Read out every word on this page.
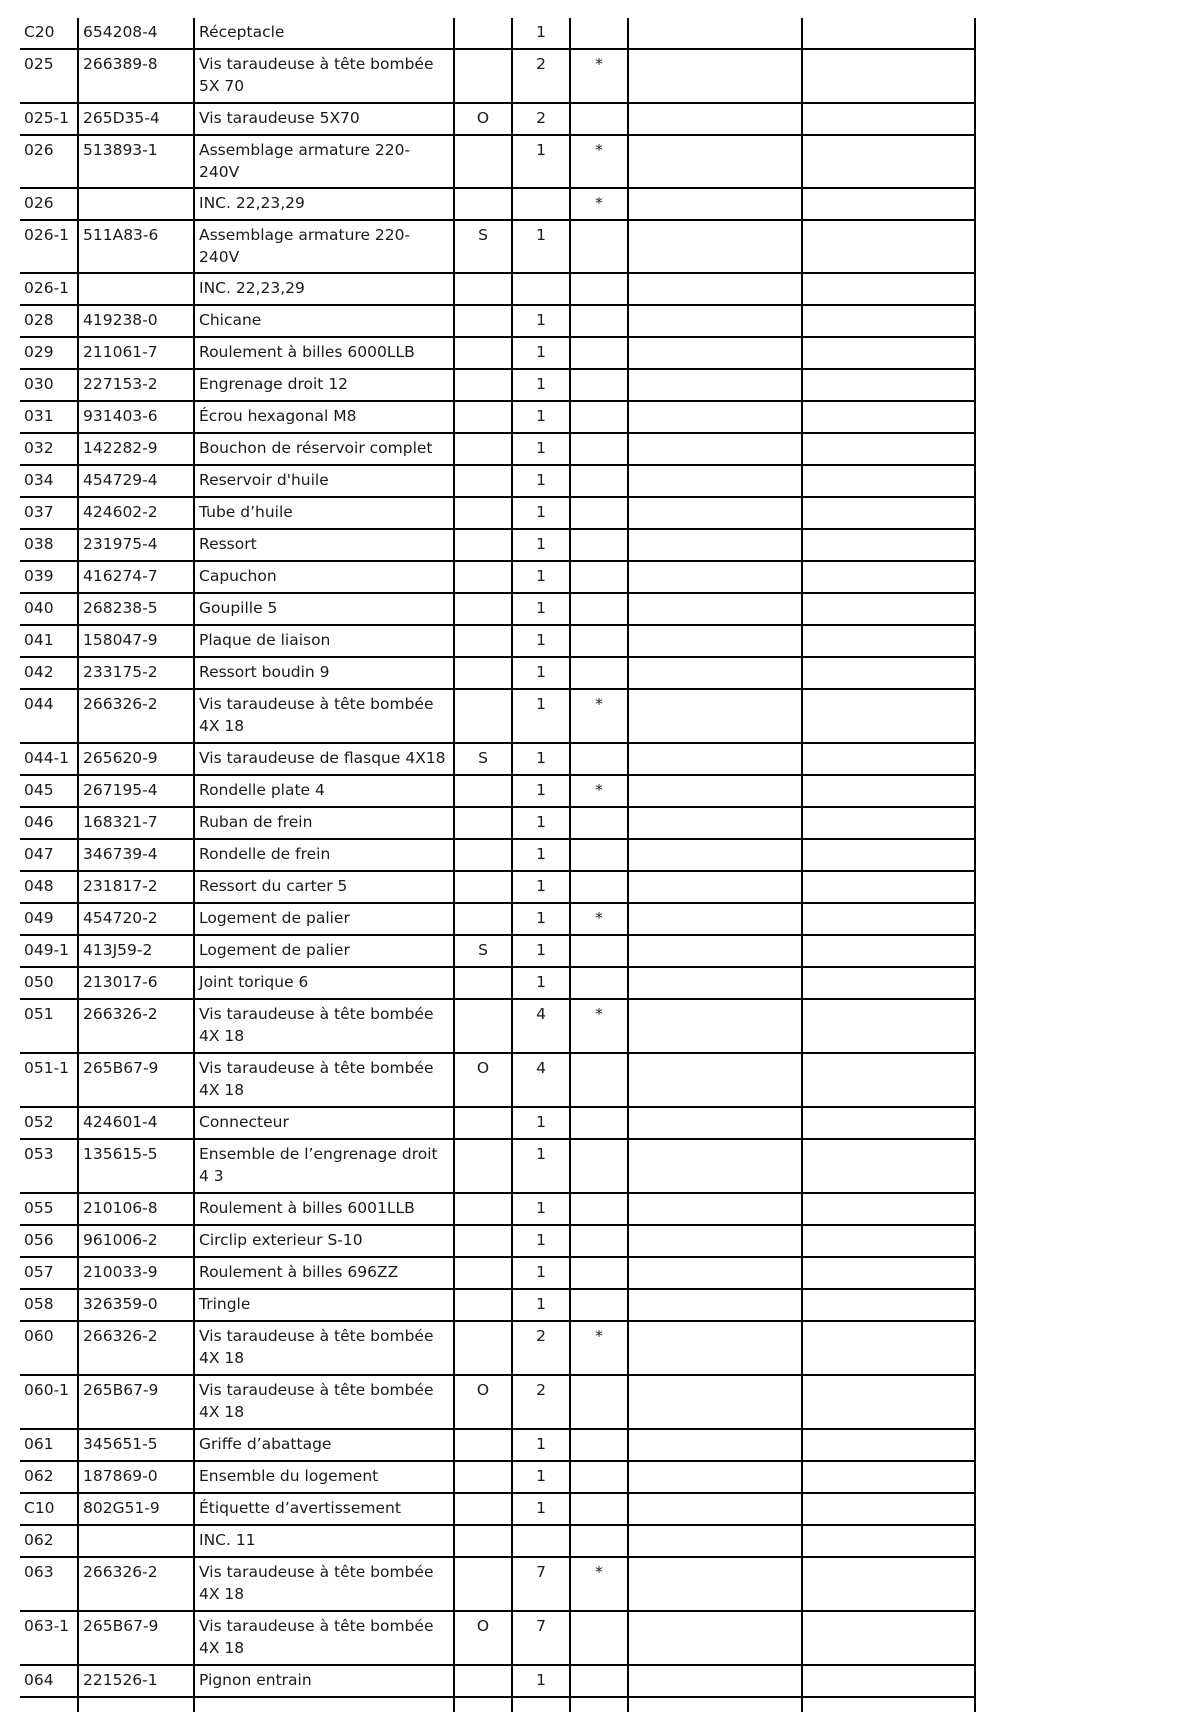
C20	654208-4	Réceptacle		1			
025	266389-8	Vis taraudeuse à tête bombée 5X 70		2	*		
025-1	265D35-4	Vis taraudeuse 5X70	O	2			
026	513893-1	Assemblage armature 220-240V		1	*		
026		INC. 22,23,29			*		
026-1	511A83-6	Assemblage armature 220-240V	S	1			
026-1		INC. 22,23,29					
028	419238-0	Chicane		1			
029	211061-7	Roulement à billes 6000LLB		1			
030	227153-2	Engrenage droit 12		1			
031	931403-6	Écrou hexagonal M8		1			
032	142282-9	Bouchon de réservoir complet		1			
034	454729-4	Reservoir d'huile		1			
037	424602-2	Tube d’huile		1			
038	231975-4	Ressort		1			
039	416274-7	Capuchon		1			
040	268238-5	Goupille 5		1			
041	158047-9	Plaque de liaison		1			
042	233175-2	Ressort boudin 9		1			
044	266326-2	Vis taraudeuse à tête bombée 4X 18		1	*		
044-1	265620-9	Vis taraudeuse de flasque 4X18	S	1			
045	267195-4	Rondelle plate 4		1	*		
046	168321-7	Ruban de frein		1			
047	346739-4	Rondelle de frein		1			
048	231817-2	Ressort du carter 5		1			
049	454720-2	Logement de palier		1	*		
049-1	413J59-2	Logement de palier	S	1			
050	213017-6	Joint torique 6		1			
051	266326-2	Vis taraudeuse à tête bombée 4X 18		4	*		
051-1	265B67-9	Vis taraudeuse à tête bombée 4X 18	O	4			
052	424601-4	Connecteur		1			
053	135615-5	Ensemble de l’engrenage droit 4 3		1			
055	210106-8	Roulement à billes 6001LLB		1			
056	961006-2	Circlip exterieur S-10		1			
057	210033-9	Roulement à billes 696ZZ		1			
058	326359-0	Tringle		1			
060	266326-2	Vis taraudeuse à tête bombée 4X 18		2	*		
060-1	265B67-9	Vis taraudeuse à tête bombée 4X 18	O	2			
061	345651-5	Griffe d’abattage		1			
062	187869-0	Ensemble du logement		1			
C10	802G51-9	Étiquette d’avertissement		1			
062		INC. 11					
063	266326-2	Vis taraudeuse à tête bombée 4X 18		7	*		
063-1	265B67-9	Vis taraudeuse à tête bombée 4X 18	O	7			
064	221526-1	Pignon entrain		1			
